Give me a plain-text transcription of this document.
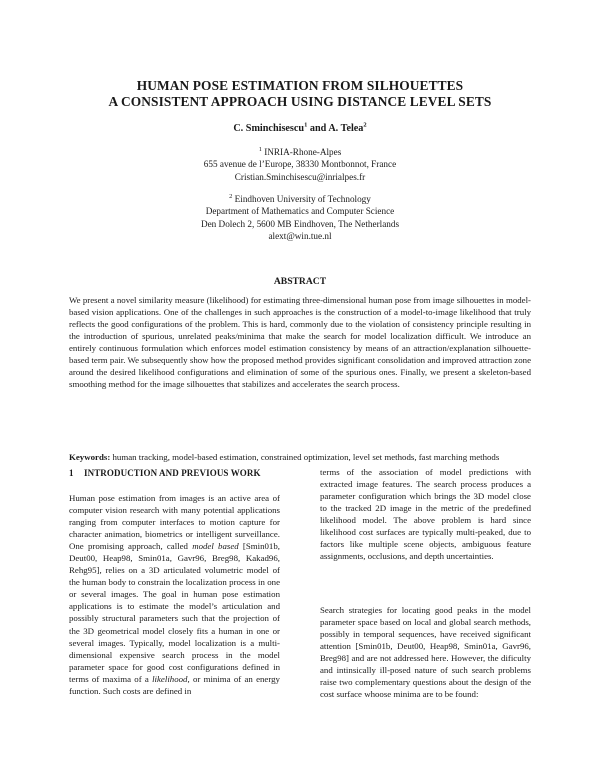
HUMAN POSE ESTIMATION FROM SILHOUETTES
A CONSISTENT APPROACH USING DISTANCE LEVEL SETS
C. Sminchisescu$^1$ and A. Telea$^2$
$^1$ INRIA-Rhone-Alpes
655 avenue de l’Europe, 38330 Montbonnot, France
Cristian.Sminchisescu@inrialpes.fr
$^2$ Eindhoven University of Technology
Department of Mathematics and Computer Science
Den Dolech 2, 5600 MB Eindhoven, The Netherlands
alext@win.tue.nl
ABSTRACT
We present a novel similarity measure (likelihood) for estimating three-dimensional human pose from image silhouettes in model-based vision applications. One of the challenges in such approaches is the construction of a model-to-image likelihood that truly reflects the good configurations of the problem. This is hard, commonly due to the violation of consistency principle resulting in the introduction of spurious, unrelated peaks/minima that make the search for model localization difficult. We introduce an entirely continuous formulation which enforces model estimation consistency by means of an attraction/explanation silhouette-based term pair. We subsequently show how the proposed method provides significant consolidation and improved attraction zone around the desired likelihood configurations and elimination of some of the spurious ones. Finally, we present a skeleton-based smoothing method for the image silhouettes that stabilizes and accelerates the search process.
Keywords: human tracking, model-based estimation, constrained optimization, level set methods, fast marching methods
1 INTRODUCTION AND PREVIOUS WORK

Human pose estimation from images is an active area of computer vision research with many potential applications ranging from computer interfaces to motion capture for character animation, biometrics or intelligent surveillance. One promising approach, called model based [Smin01b, Deut00, Heap98, Smin01a, Gavr96, Breg98, Kakad96, Rehg95], relies on a 3D articulated volumetric model of the human body to constrain the localization process in one or several images. The goal in human pose estimation applications is to estimate the model’s articulation and possibly structural parameters such that the projection of the 3D geometrical model closely fits a human in one or several images. Typically, model localization is a multi-dimensional expensive search process in the model parameter space for good cost configurations defined in terms of maxima of a likelihood, or minima of an energy function. Such costs are defined in

terms of the association of model predictions with extracted image features. The search process produces a parameter configuration which brings the 3D model close to the tracked 2D image in the metric of the predefined likelihood model. The above problem is hard since likelihood cost surfaces are typically multi-peaked, due to factors like multiple scene objects, ambiguous feature assignments, occlusions, and depth uncertainties.

Search strategies for locating good peaks in the model parameter space based on local and global search methods, possibly in temporal sequences, have received significant attention [Smin01b, Deut00, Heap98, Smin01a, Gavr96, Breg98] and are not addressed here. However, the dificulty and intinsically ill-posed nature of such search problems raise two complementary questions about the design of the cost surface whoose minima are to be found:
